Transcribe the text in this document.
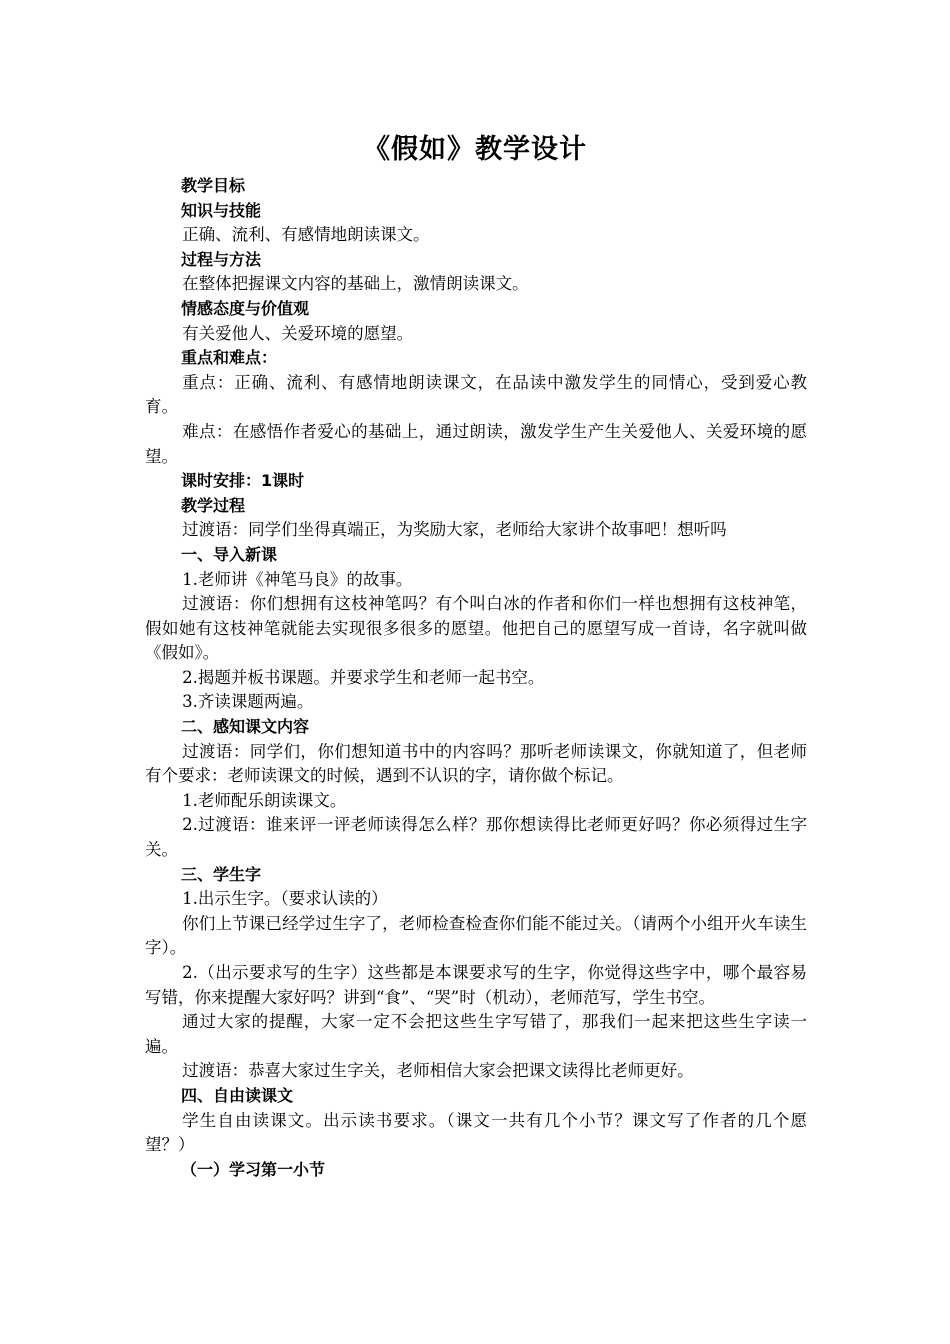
《假如》教学设计

教学目标

知识与技能

正确、流利、有感情地朗读课文。

过程与方法

在整体把握课文内容的基础上，激情朗读课文。

情感态度与价值观

有关爱他人、关爱环境的愿望。

重点和难点：

重点：正确、流利、有感情地朗读课文，在品读中激发学生的同情心，受到爱心教育。

难点：在感悟作者爱心的基础上，通过朗读，激发学生产生关爱他人、关爱环境的愿望。

课时安排：1课时

教学过程

过渡语：同学们坐得真端正，为奖励大家，老师给大家讲个故事吧！想听吗

一、导入新课

1.老师讲《神笔马良》的故事。

过渡语：你们想拥有这枝神笔吗？有个叫白冰的作者和你们一样也想拥有这枝神笔，假如她有这枝神笔就能去实现很多很多的愿望。他把自己的愿望写成一首诗，名字就叫做《假如》。

2.揭题并板书课题。并要求学生和老师一起书空。

3.齐读课题两遍。

二、感知课文内容

过渡语：同学们，你们想知道书中的内容吗？那听老师读课文，你就知道了，但老师有个要求：老师读课文的时候，遇到不认识的字，请你做个标记。

1.老师配乐朗读课文。

2.过渡语：谁来评一评老师读得怎么样？那你想读得比老师更好吗？你必须得过生字关。

三、学生字

1.出示生字。（要求认读的）

你们上节课已经学过生字了，老师检查检查你们能不能过关。（请两个小组开火车读生字）。

2.（出示要求写的生字）这些都是本课要求写的生字，你觉得这些字中，哪个最容易写错，你来提醒大家好吗？讲到“食”、“哭”时（机动），老师范写，学生书空。

通过大家的提醒，大家一定不会把这些生字写错了，那我们一起来把这些生字读一遍。

过渡语：恭喜大家过生字关，老师相信大家会把课文读得比老师更好。

四、自由读课文

学生自由读课文。出示读书要求。（课文一共有几个小节？课文写了作者的几个愿望？）

（一）学习第一小节
